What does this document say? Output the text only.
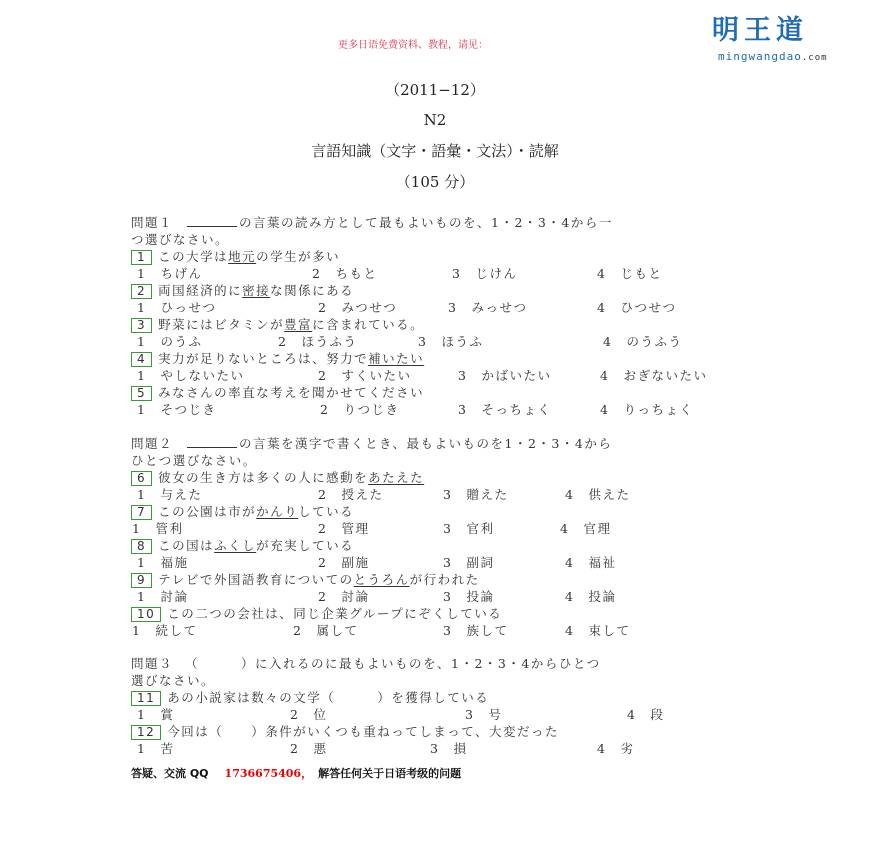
更多日语免费资料、教程，请见：	明王道
mingwangdao.com
（2011−12）
N2
言語知識（文字・語彙・文法）・読解
（105 分）
問題１	の言葉の読み方として最もよいものを、1・2・3・4から一
つ選びなさい。
問題２	の言葉を漢字で書くとき、最もよいものを1・2・3・4から
ひとつ選びなさい。
問題３ （　　　）に入れるのに最もよいものを、1・2・3・4からひとつ
選びなさい。
1 この大学は地元の学生が多い
1 ちげん	2 ちもと	3 じけん	4 じもと
2 両国経済的に密接な関係にある
1 ひっせつ	2 みつせつ	3 みっせつ	4 ひつせつ
3 野菜にはビタミンが豊富に含まれている。
1 のうふ	2 ほうふう	3 ほうふ	4 のうふう
4 実力が足りないところは、努力で補いたい
1 やしないたい	2 すくいたい	3 かばいたい	4 おぎないたい
5 みなさんの率直な考えを聞かせてください
1 そつじき	2 りつじき	3 そっちょく	4 りっちょく
6 彼女の生き方は多くの人に感動をあたえた
1 与えた	2 授えた	3 贈えた	4 供えた
7 この公園は市がかんりしている
1 管利	2 管理	3 官利	4 官理
8 この国はふくしが充実している
1 福施	2 副施	3 副詞	4 福祉
9 テレビで外国語教育についてのとうろんが行われた
1 討論	2 討論	3 投論	4 投論
10 この二つの会社は、同じ企業グループにぞくしている
1 続して	2 属して	3 族して	4 束して
11 あの小説家は数々の文学（　　　）を獲得している
1 賞	2 位	3 号	4 段
12 今回は（　　）条件がいくつも重ねってしまって、大変だった
1 苦	2 悪	3 損	4 劣
答疑、交流 QQ 1736675406， 解答任何关于日语考级的问题
